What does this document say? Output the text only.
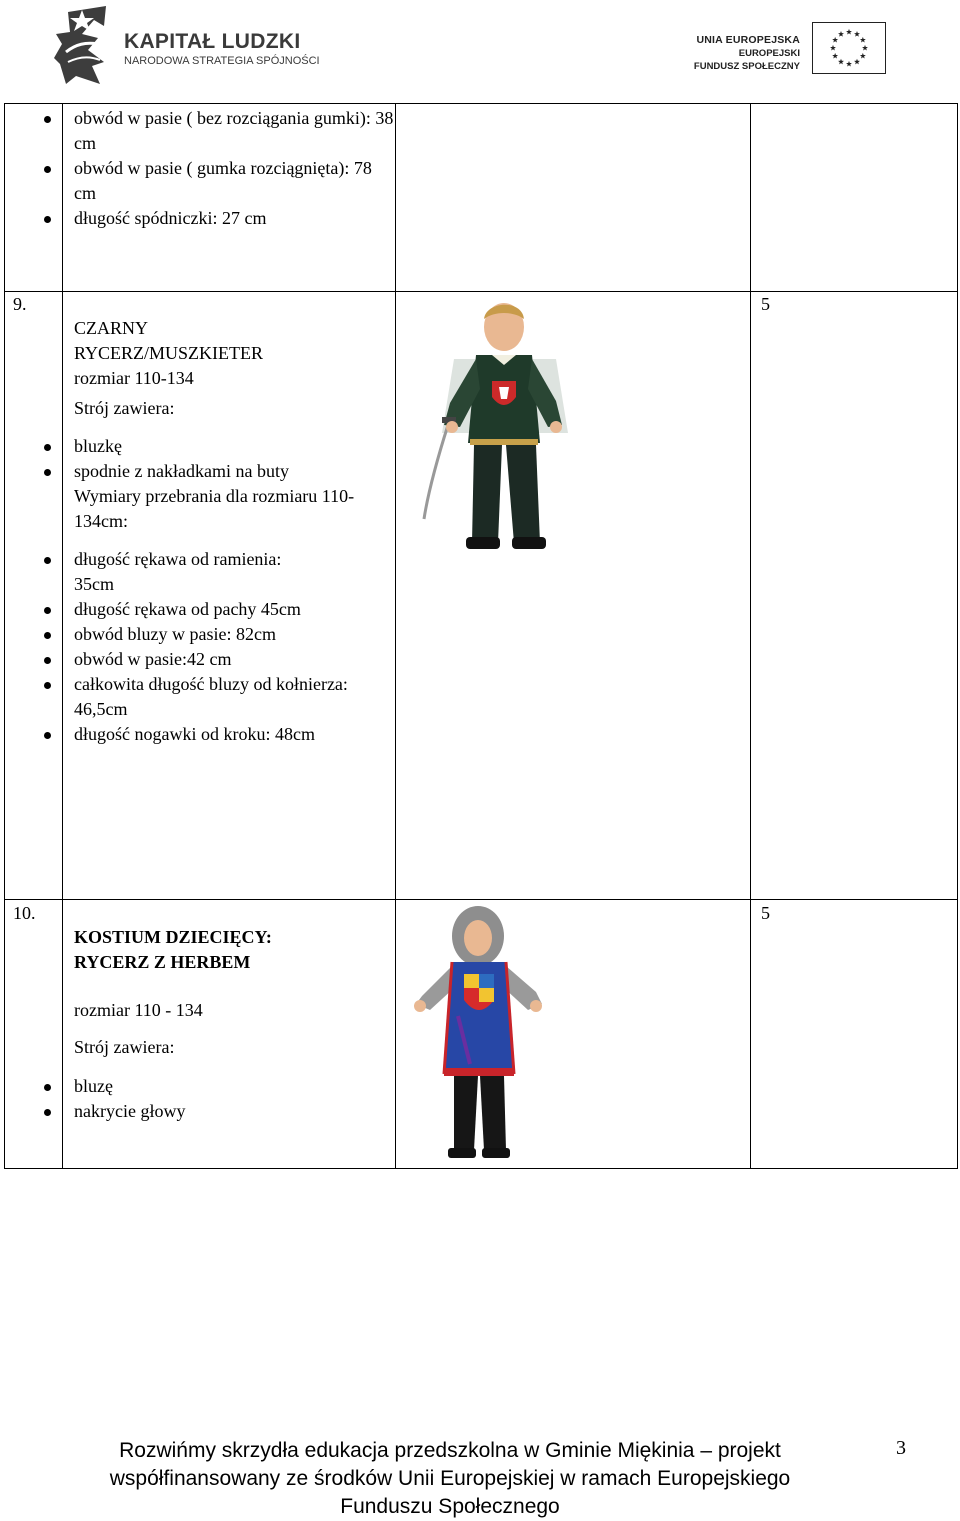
KAPITAŁ LUDZKI
NARODOWA STRATEGIA SPÓJNOŚCI
UNIA EUROPEJSKA
EUROPEJSKI
FUNDUSZ SPOŁECZNY
obwód w pasie ( bez rozciągania gumki): 38 cm
obwód w pasie ( gumka rozciągnięta): 78 cm
długość spódniczki: 27 cm
9.
CZARNY
RYCERZ/MUSZKIETER
rozmiar 110-134
Strój zawiera:
bluzkę
spodnie z nakładkami na buty
Wymiary przebrania dla rozmiaru 110-134cm:
długość rękawa od ramienia: 35cm
długość rękawa od pachy 45cm
obwód bluzy w pasie: 82cm
obwód w pasie:42 cm
całkowita długość bluzy od kołnierza: 46,5cm
długość nogawki od kroku: 48cm
5
10.
KOSTIUM DZIECIĘCY:
RYCERZ Z HERBEM
rozmiar 110 - 134
Strój zawiera:
bluzę
nakrycie głowy
5
Rozwińmy skrzydła edukacja przedszkolna w Gminie Miękinia – projekt
współfinansowany ze środków Unii Europejskiej w ramach Europejskiego
Funduszu Społecznego
3
